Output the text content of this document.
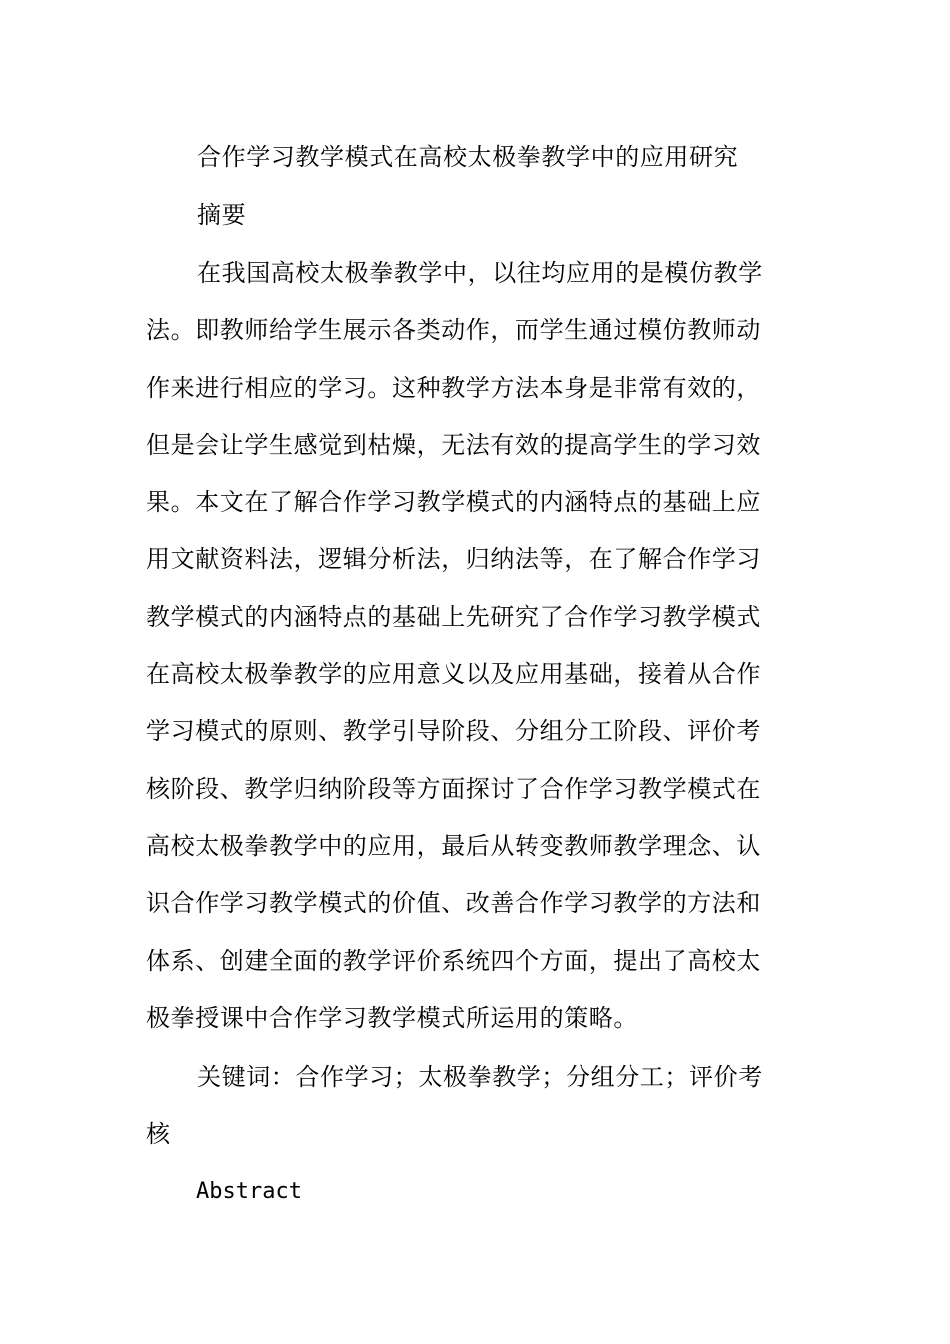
合作学习教学模式在高校太极拳教学中的应用研究
摘要
在我国高校太极拳教学中，以往均应用的是模仿教学
法。即教师给学生展示各类动作，而学生通过模仿教师动
作来进行相应的学习。这种教学方法本身是非常有效的，
但是会让学生感觉到枯燥，无法有效的提高学生的学习效
果。本文在了解合作学习教学模式的内涵特点的基础上应
用文献资料法，逻辑分析法，归纳法等，在了解合作学习
教学模式的内涵特点的基础上先研究了合作学习教学模式
在高校太极拳教学的应用意义以及应用基础，接着从合作
学习模式的原则、教学引导阶段、分组分工阶段、评价考
核阶段、教学归纳阶段等方面探讨了合作学习教学模式在
高校太极拳教学中的应用，最后从转变教师教学理念、认
识合作学习教学模式的价值、改善合作学习教学的方法和
体系、创建全面的教学评价系统四个方面，提出了高校太
极拳授课中合作学习教学模式所运用的策略。
关键词：合作学习；太极拳教学；分组分工；评价考
核
Abstract
